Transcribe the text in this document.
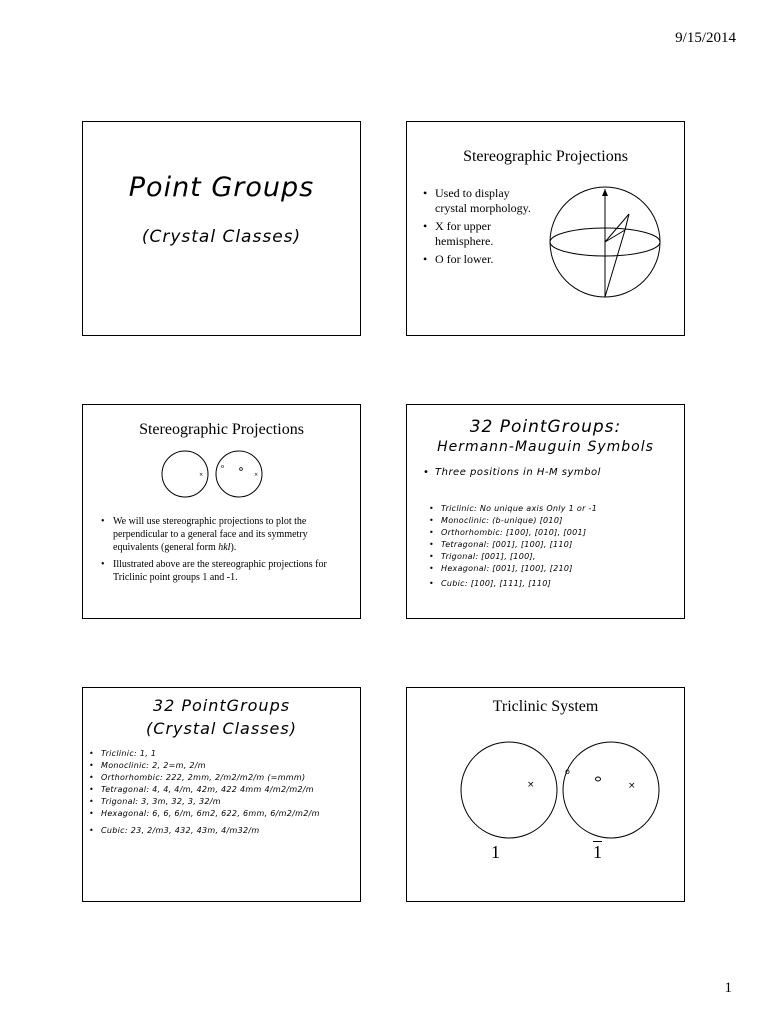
9/15/2014
Point Groups
(Crystal Classes)
Stereographic Projections
• Used to display crystal morphology.
• X for upper hemisphere.
• O for lower.
Stereographic Projections
×
o
×
• We will use stereographic projections to plot the perpendicular to a general face and its symmetry equivalents (general form hkl).
• Illustrated above are the stereographic projections for Triclinic point groups 1 and -1.
32 PointGroups:
Hermann-Mauguin Symbols
• Three positions in H-M symbol
• Triclinic: No unique axis Only 1 or -1
• Monoclinic: (b-unique) [010]
• Orthorhombic: [100], [010], [001]
• Tetragonal: [001], [100], [110]
• Trigonal: [001], [100],
• Hexagonal: [001], [100], [210]
• Cubic: [100], [111], [110]
32 PointGroups
(Crystal Classes)
• Triclinic: 1, 1
• Monoclinic: 2, 2=m, 2/m
• Orthorhombic: 222, 2mm, 2/m2/m2/m (=mmm)
• Tetragonal: 4, 4, 4/m, 42m, 422 4mm 4/m2/m2/m
• Trigonal: 3, 3m, 32, 3, 32/m
• Hexagonal: 6, 6, 6/m, 6m2, 622, 6mm, 6/m2/m2/m
• Cubic: 23, 2/m3, 432, 43m, 4/m32/m
Triclinic System
×
o
×
1	1
1
